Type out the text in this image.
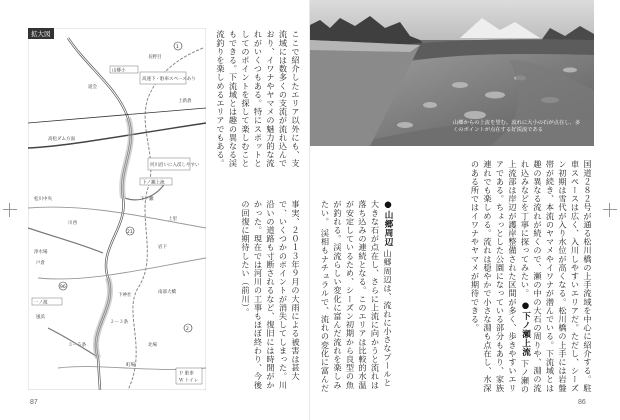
1
21
96
2
山郷小
高速下・駐車スペースあり
河川沿いに入渓しやすい
下ノ瀬上流
上新倉
長野目
道会
高松ダム方面
下ノ瀬
松川中央
上里
川西
岩下
浄水場
戸倉
一ノ渡
下神社
南部大橋
風浜
２ー３条
３ー５条	北場
町場
Ｐ 駐車
Ｗ トイレ
拡大図	ここで紹介したエリア以外にも、支流域には数多くの支流が流れ込んでおり、イワナやヤマメの魅力的な流れがいくつもある。特にスポットとしてのポイントを探して楽しむこともできる。下流域とは趣の異なる渓流釣りを楽しめるエリアでもある。
事実、２０１３年９月の大雨による被害は甚大で、いくつかのポイントが消失してしまった。川沿いの道路も寸断されるなど、復旧には時間がかかった。現在では河川の工事もほぼ終わり、今後の回復に期待したい（前川）。
87
山郷からの上流を望む。流れに大小の石が点在し、多くのポイントが点在する好渓流である
国道２８２号が通る松川橋の上手流域を中心に紹介する。駐車スペースは広く、入川しやすいエリアだ。ただし、シーズン初期は雪代が入り水位が高くなる。松川橋の上手には岩盤帯が続き、本流のヤマメやイワナが潜んでいる。下流域とは趣の異なる流れが続くので、瀬の中の大石の周りや、淵の流れ込みなどを丁寧に探ってみたい。 ●下ノ瀬上流 下ノ瀬の上流部は岸辺が護岸整備された区間が多く、歩きやすいエリアである。ちょっとした公園になっている部分もあり、家族連れでも楽しめる。流れは穏やかで小さな淵も点在し、水深のある所ではイワナやヤマメが期待できる。
●山郷周辺 山郷周辺は、流れに小さなプールと大きな石が点在し、さらに上流に向かうと流れは落ち込みの連続となる。このエリアは比較的水温が安定しているため、シーズン初期から良型の魚が釣れる。渓流らしい変化に富んだ流れを楽しみたい。 渓相もナチュラルで、流れの変化に富んだ
86
